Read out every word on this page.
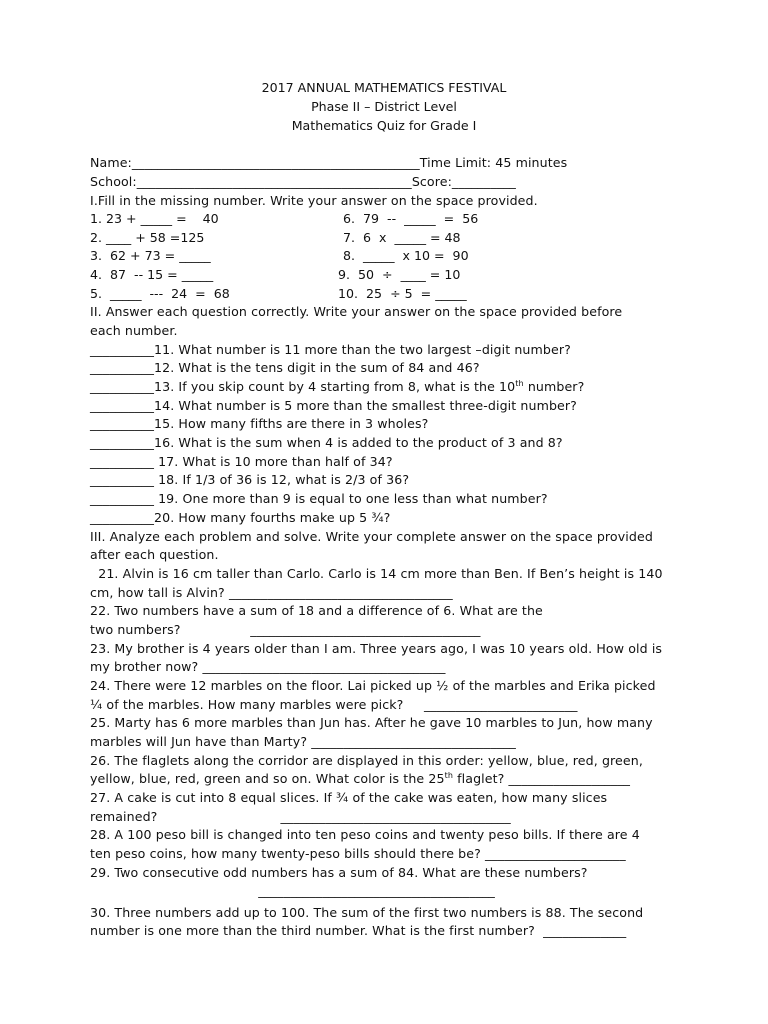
2017 ANNUAL MATHEMATICS FESTIVAL
Phase II – District Level
Mathematics Quiz for Grade I
Name:_____________________________________________Time Limit: 45 minutes
School:___________________________________________Score:__________
I.Fill in the missing number. Write your answer on the space provided.
1. 23 + _____ =    40
2. ____ + 58 =125
3.  62 + 73 = _____
4.  87  -- 15 = _____
5.  _____  ---  24  =  68
6.  79  --  _____  =  56
7.  6  x  _____ = 48
8.  _____  x 10 =  90
9.  50  ÷  ____ = 10
10.  25  ÷ 5  = _____
II. Answer each question correctly. Write your answer on the space provided before
each number.
__________11. What number is 11 more than the two largest –digit number?
__________12. What is the tens digit in the sum of 84 and 46?
__________13. If you skip count by 4 starting from 8, what is the 10th number?
__________14. What number is 5 more than the smallest three-digit number?
__________15. How many fifths are there in 3 wholes?
__________16. What is the sum when 4 is added to the product of 3 and 8?
__________ 17. What is 10 more than half of 34?
__________ 18. If 1/3 of 36 is 12, what is 2/3 of 36?
__________ 19. One more than 9 is equal to one less than what number?
__________20. How many fourths make up 5 ¾?
III. Analyze each problem and solve. Write your complete answer on the space provided
after each question.
21. Alvin is 16 cm taller than Carlo. Carlo is 14 cm more than Ben. If Ben’s height is 140
cm, how tall is Alvin? ___________________________________
22. Two numbers have a sum of 18 and a difference of 6. What are the
two numbers?                 ____________________________________
23. My brother is 4 years older than I am. Three years ago, I was 10 years old. How old is
my brother now? ______________________________________
24. There were 12 marbles on the floor. Lai picked up ½ of the marbles and Erika picked
¼ of the marbles. How many marbles were pick?     ________________________
25. Marty has 6 more marbles than Jun has. After he gave 10 marbles to Jun, how many
marbles will Jun have than Marty? ________________________________
26. The flaglets along the corridor are displayed in this order: yellow, blue, red, green,
yellow, blue, red, green and so on. What color is the 25th flaglet? ___________________
27. A cake is cut into 8 equal slices. If ¾ of the cake was eaten, how many slices
remained?                              ____________________________________
28. A 100 peso bill is changed into ten peso coins and twenty peso bills. If there are 4
ten peso coins, how many twenty-peso bills should there be? ______________________
29. Two consecutive odd numbers has a sum of 84. What are these numbers?
_____________________________________
30. Three numbers add up to 100. The sum of the first two numbers is 88. The second
number is one more than the third number. What is the first number?  _____________
